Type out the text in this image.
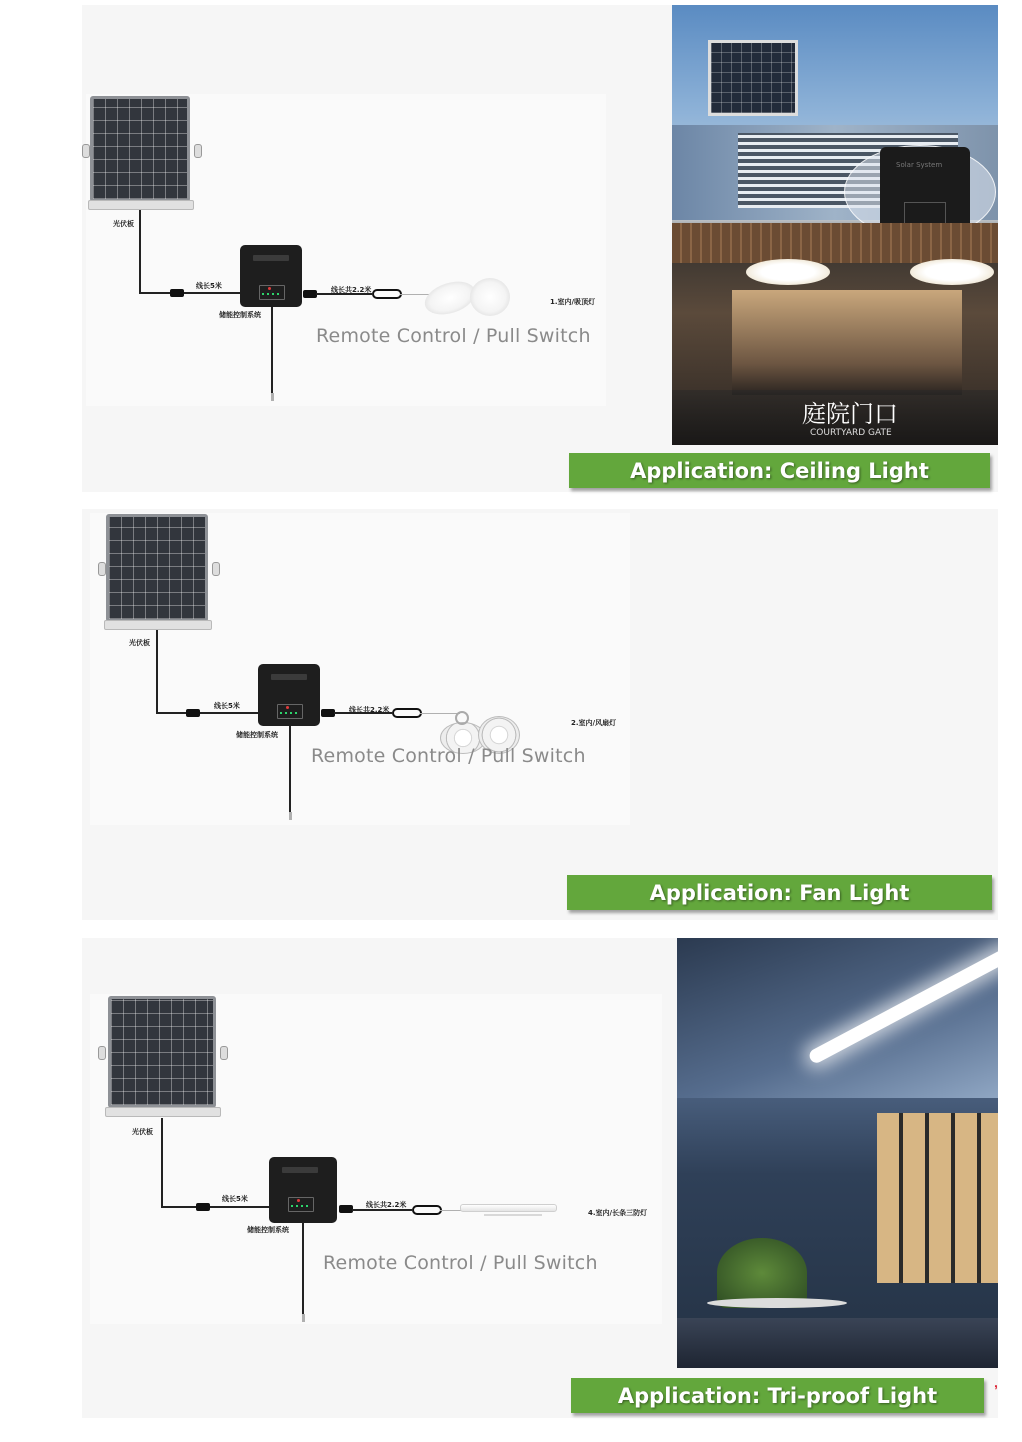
光伏板
线长5米
储能控制系统
线长共2.2米
1.室内/吸顶灯
Remote Control / Pull Switch
Solar System
庭院门口
COURTYARD GATE
Application: Ceiling Light
光伏板
线长5米
储能控制系统
线长共2.2米
2.室内/风扇灯
Remote Control / Pull Switch
Application: Fan Light
光伏板
线长5米
储能控制系统
线长共2.2米
4.室内/长条三防灯
Remote Control / Pull Switch
ʼ
Application: Tri-proof Light
